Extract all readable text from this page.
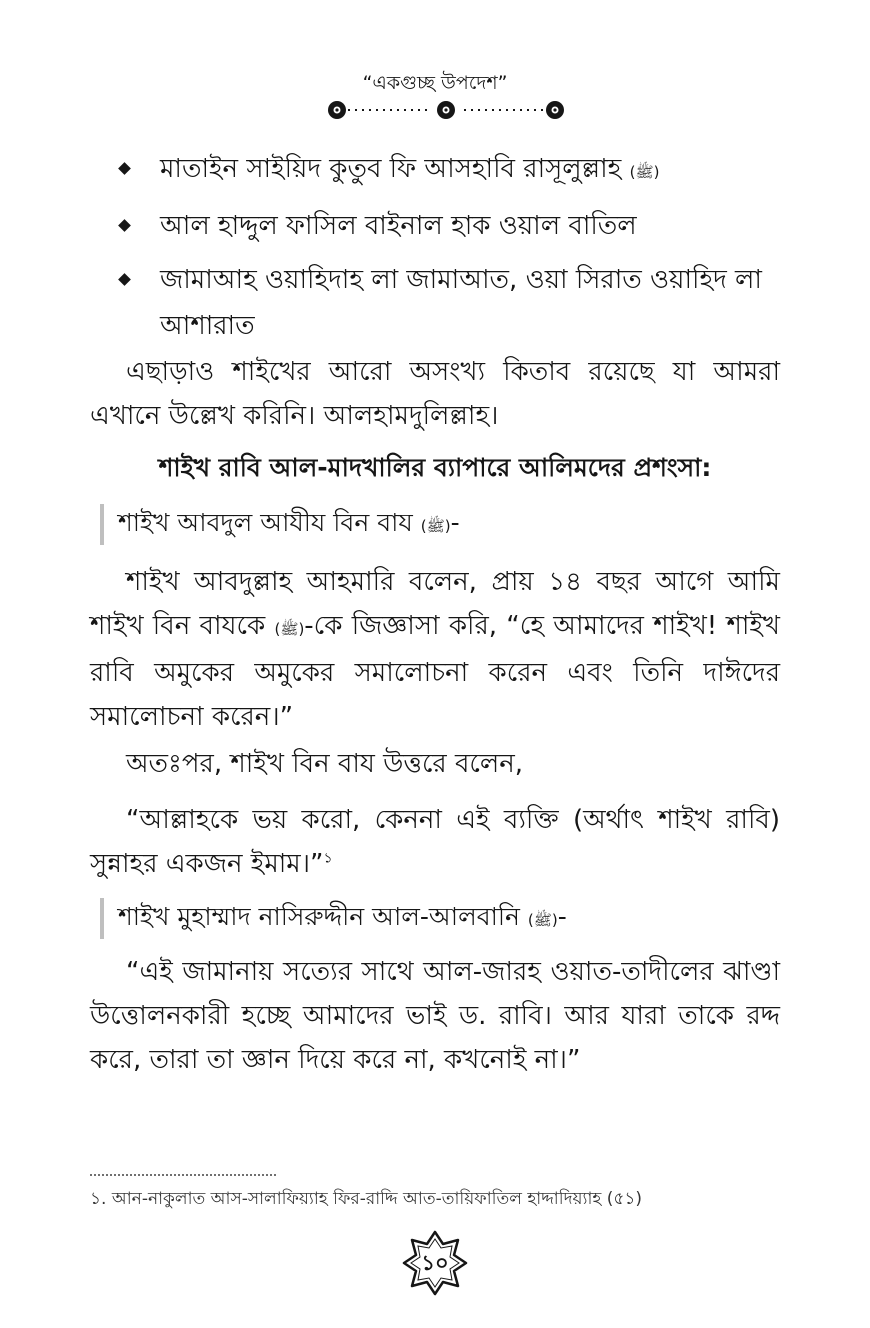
“একগুচ্ছ উপদেশ”
মাতাইন সাইয়িদ কুতুব ফি আসহাবি রাসূলুল্লাহ (ﷺ)
আল হাদ্দুল ফাসিল বাইনাল হাক ওয়াল বাতিল
জামাআহ ওয়াহিদাহ লা জামাআত, ওয়া সিরাত ওয়াহিদ লা আশারাত

এছাড়াও শাইখের আরো অসংখ্য কিতাব রয়েছে যা আমরা এখানে উল্লেখ করিনি। আলহামদুলিল্লাহ।

শাইখ রাবি আল-মাদখালির ব্যাপারে আলিমদের প্রশংসা:
শাইখ আবদুল আযীয বিন বায (ﷺ)-

শাইখ আবদুল্লাহ আহমারি বলেন, প্রায় ১৪ বছর আগে আমি শাইখ বিন বাযকে (ﷺ)-কে জিজ্ঞাসা করি, “হে আমাদের শাইখ! শাইখ রাবি অমুকের অমুকের সমালোচনা করেন এবং তিনি দাঈদের সমালোচনা করেন।”

অতঃপর, শাইখ বিন বায উত্তরে বলেন,

“আল্লাহকে ভয় করো, কেননা এই ব্যক্তি (অর্থাৎ শাইখ রাবি) সুন্নাহর একজন ইমাম।”$^১$

শাইখ মুহাম্মাদ নাসিরুদ্দীন আল-আলবানি (ﷺ)-

“এই জামানায় সত্যের সাথে আল-জারহ ওয়াত-তাদীলের ঝাণ্ডা উত্তোলনকারী হচ্ছে আমাদের ভাই ড. রাবি। আর যারা তাকে রদ্দ করে, তারা তা জ্ঞান দিয়ে করে না, কখনোই না।”

১. আন-নাকুলাত আস-সালাফিয়্যাহ ফির-রাদ্দি আত-তায়িফাতিল হাদ্দাদিয়্যাহ (৫১)
১০
